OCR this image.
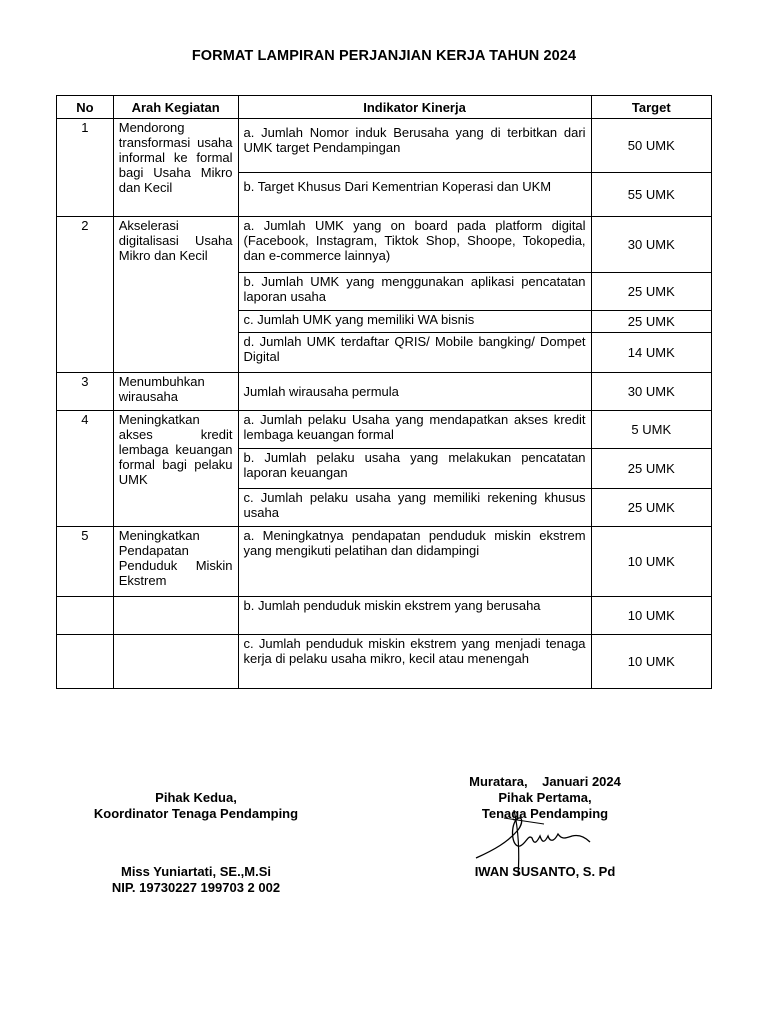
FORMAT LAMPIRAN PERJANJIAN KERJA TAHUN 2024
No	Arah Kegiatan	Indikator Kinerja	Target
1	Mendorong transformasi usaha informal ke formal bagi Usaha Mikro dan Kecil	a. Jumlah Nomor induk Berusaha yang di terbitkan dari UMK target Pendampingan	50 UMK

		b. Target Khusus Dari Kementrian Koperasi dan UKM	55 UMK
2	Akselerasi digitalisasi Usaha Mikro dan Kecil	a. Jumlah UMK yang on board pada platform digital (Facebook, Instagram, Tiktok Shop, Shoope, Tokopedia, dan e-commerce lainnya)	30 UMK
		b. Jumlah UMK yang menggunakan aplikasi pencatatan laporan usaha	25 UMK
		c. Jumlah UMK yang memiliki WA bisnis	25 UMK
		d. Jumlah UMK terdaftar QRIS/ Mobile bangking/ Dompet Digital	14 UMK
3	Menumbuhkan wirausaha	Jumlah wirausaha permula	30 UMK
4	Meningkatkan akses kredit lembaga keuangan formal bagi pelaku UMK	a. Jumlah pelaku Usaha yang mendapatkan akses kredit lembaga keuangan formal	5 UMK
		b. Jumlah pelaku usaha yang melakukan pencatatan laporan keuangan	25 UMK
		c. Jumlah pelaku usaha yang memiliki rekening khusus usaha	25 UMK
5	Meningkatkan Pendapatan Penduduk Miskin Ekstrem	a. Meningkatnya pendapatan penduduk miskin ekstrem yang mengikuti pelatihan dan didampingi	10 UMK
		b. Jumlah penduduk miskin ekstrem yang berusaha	10 UMK
		c. Jumlah penduduk miskin ekstrem yang menjadi tenaga kerja di pelaku usaha mikro, kecil atau menengah	10 UMK
Pihak Kedua,
Koordinator Tenaga Pendamping
Miss Yuniartati, SE.,M.Si
NIP. 19730227 199703 2 002
Muratara,    Januari 2024
Pihak Pertama,
Tenaga Pendamping
IWAN SUSANTO, S. Pd
